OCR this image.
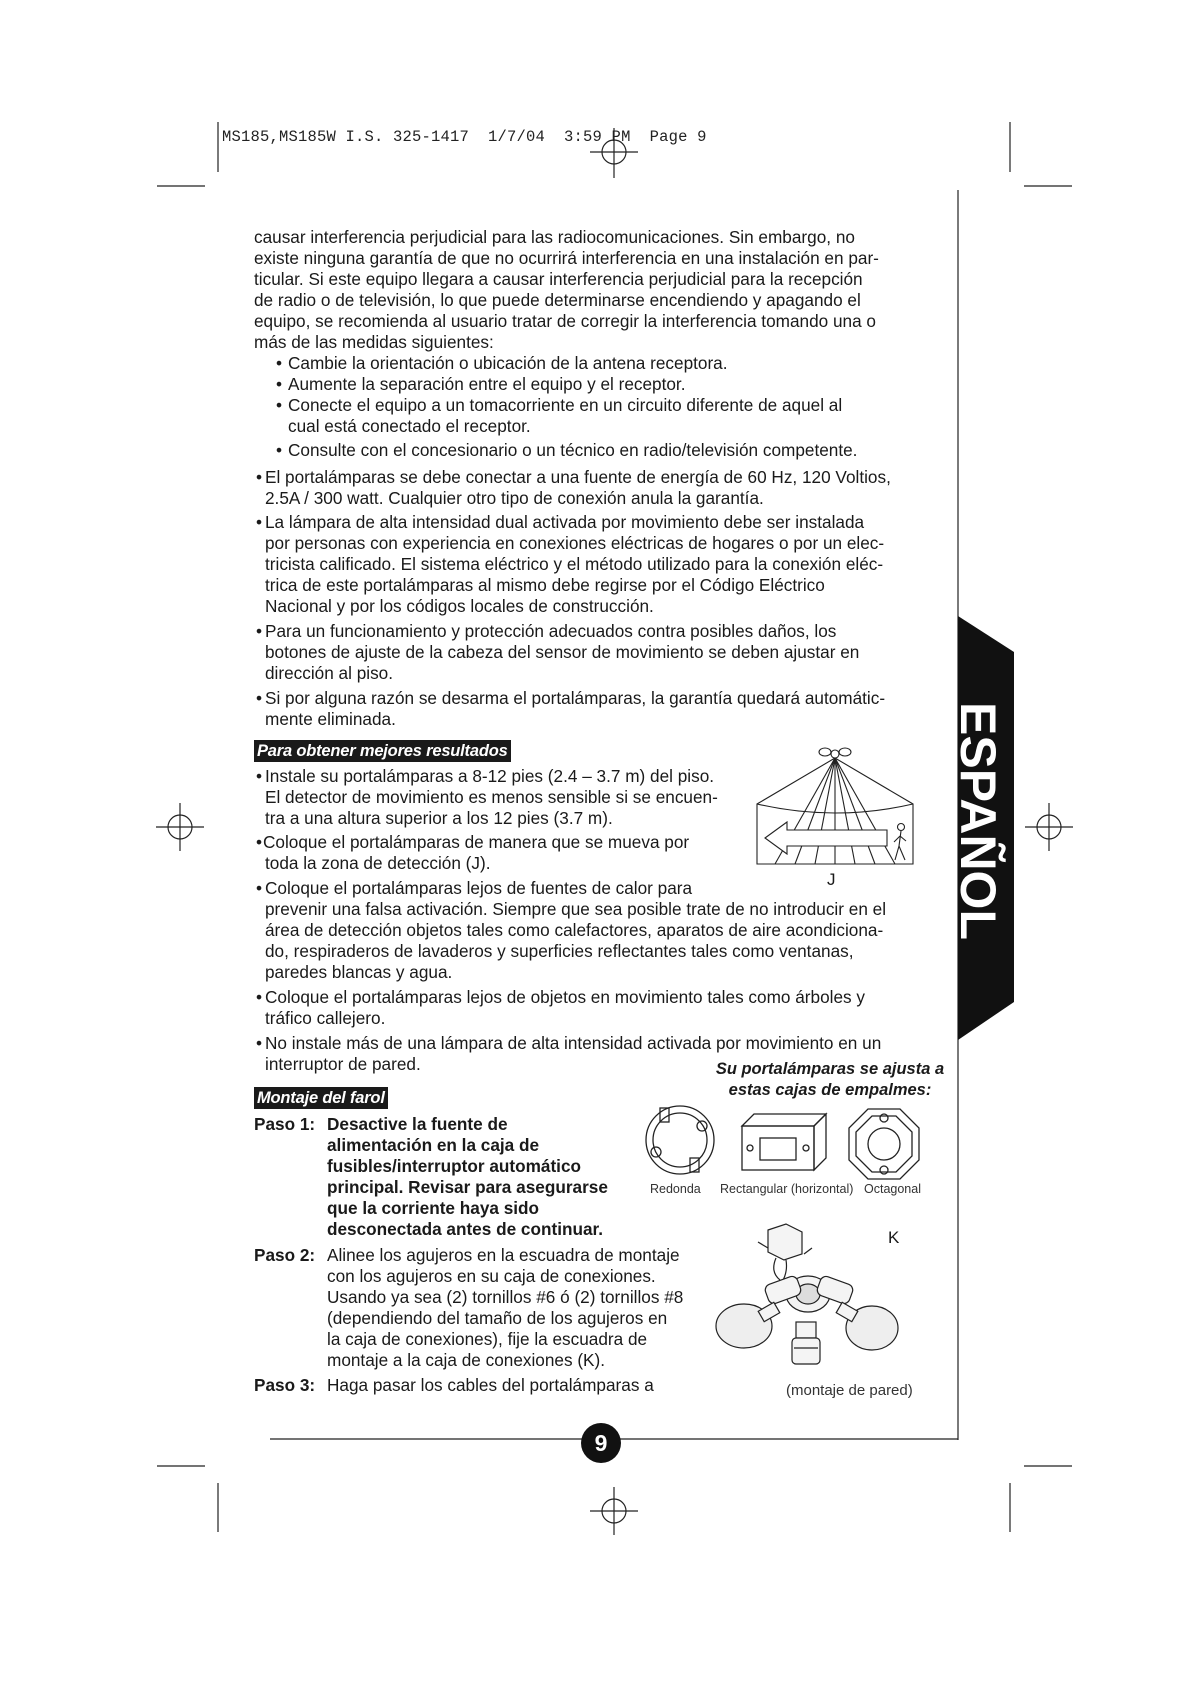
MS185,MS185W I.S. 325-1417  1/7/04  3:59 PM  Page 9
ESPAÑOL

causar interferencia perjudicial para las radiocomunicaciones. Sin embargo, no

existe ninguna garantía de que no ocurrirá interferencia en una instalación en par-

ticular. Si este equipo llegara a causar interferencia perjudicial para la recepción

de radio o de televisión, lo que puede determinarse encendiendo y apagando el

equipo, se recomienda al usuario tratar de corregir la interferencia tomando una o

más de las medidas siguientes:

• Cambie la orientación o ubicación de la antena receptora.
• Aumente la separación entre el equipo y el receptor.
• Conecte el equipo a un tomacorriente en un circuito diferente de aquel al
cual está conectado el receptor.
• Consulte con el concesionario o un técnico en radio/televisión competente.
• El portalámparas se debe conectar a una fuente de energía de 60 Hz, 120 Voltios,
2.5A / 300 watt. Cualquier otro tipo de conexión anula la garantía.
• La lámpara de alta intensidad dual activada por movimiento debe ser instalada
por personas con experiencia en conexiones eléctricas de hogares o por un elec-
tricista calificado. El sistema eléctrico y el método utilizado para la conexión eléc-
trica de este portalámparas al mismo debe regirse por el Código Eléctrico
Nacional y por los códigos locales de construcción.
• Para un funcionamiento y protección adecuados contra posibles daños, los
botones de ajuste de la cabeza del sensor de movimiento se deben ajustar en
dirección al piso.
• Si por alguna razón se desarma el portalámparas, la garantía quedará automátic-
mente eliminada.
Para obtener mejores resultados
• Instale su portalámparas a 8-12 pies (2.4 – 3.7 m) del piso.
El detector de movimiento es menos sensible si se encuen-
tra a una altura superior a los 12 pies (3.7 m).
• Coloque el portalámparas de manera que se mueva por
toda la zona de detección (J).
• Coloque el portalámparas lejos de fuentes de calor para
prevenir una falsa activación. Siempre que sea posible trate de no introducir en el
área de detección objetos tales como calefactores, aparatos de aire acondiciona-
do, respiraderos de lavaderos y superficies reflectantes tales como ventanas,
paredes blancas y agua.
• Coloque el portalámparas lejos de objetos en movimiento tales como árboles y
tráfico callejero.
• No instale más de una lámpara de alta intensidad activada por movimiento en un
interruptor de pared.
J
Su portalámparas se ajusta a
estas cajas de empalmes:
Redonda Rectangular (horizontal) Octagonal
Montaje del farol
Paso 1: Desactive la fuente de
alimentación en la caja de
fusibles/interruptor automático
principal. Revisar para asegurarse
que la corriente haya sido
desconectada antes de continuar.
Paso 2: Alinee los agujeros en la escuadra de montaje
con los agujeros en su caja de conexiones.
Usando ya sea (2) tornillos #6 ó (2) tornillos #8
(dependiendo del tamaño de los agujeros en
la caja de conexiones), fije la escuadra de
montaje a la caja de conexiones (K).
Paso 3: Haga pasar los cables del portalámparas a
K
(montaje de pared)
9
